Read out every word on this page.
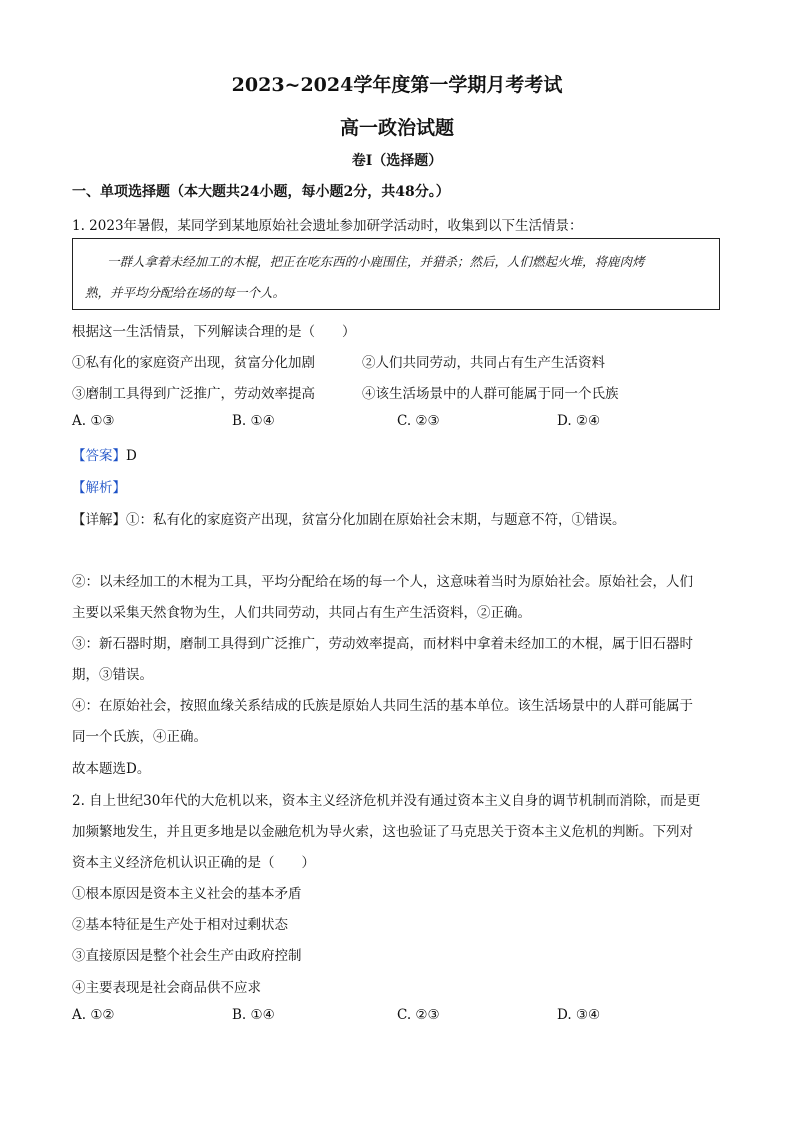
2023~2024学年度第一学期月考考试
高一政治试题
卷Ⅰ（选择题）
一、单项选择题（本大题共24小题，每小题2分，共48分。）
1. 2023年暑假，某同学到某地原始社会遗址参加研学活动时，收集到以下生活情景：
一群人拿着未经加工的木棍，把正在吃东西的小鹿围住，并猎杀；然后，人们燃起火堆，将鹿肉烤
熟，并平均分配给在场的每一个人。
根据这一生活情景，下列解读合理的是（　　）
①私有化的家庭资产出现，贫富分化加剧	②人们共同劳动，共同占有生产生活资料
③磨制工具得到广泛推广，劳动效率提高	④该生活场景中的人群可能属于同一个氏族
A. ①③	B. ①④	C. ②③	D. ②④
【答案】D
【解析】
【详解】①：私有化的家庭资产出现，贫富分化加剧在原始社会末期，与题意不符，①错误。
②：以未经加工的木棍为工具，平均分配给在场的每一个人，这意味着当时为原始社会。原始社会，人们
主要以采集天然食物为生，人们共同劳动，共同占有生产生活资料，②正确。
③：新石器时期，磨制工具得到广泛推广，劳动效率提高，而材料中拿着未经加工的木棍，属于旧石器时
期，③错误。
④：在原始社会，按照血缘关系结成的氏族是原始人共同生活的基本单位。该生活场景中的人群可能属于
同一个氏族，④正确。
故本题选D。
2. 自上世纪30年代的大危机以来，资本主义经济危机并没有通过资本主义自身的调节机制而消除，而是更
加频繁地发生，并且更多地是以金融危机为导火索，这也验证了马克思关于资本主义危机的判断。下列对
资本主义经济危机认识正确的是（　　）
①根本原因是资本主义社会的基本矛盾
②基本特征是生产处于相对过剩状态
③直接原因是整个社会生产由政府控制
④主要表现是社会商品供不应求
A. ①②	B. ①④	C. ②③	D. ③④
